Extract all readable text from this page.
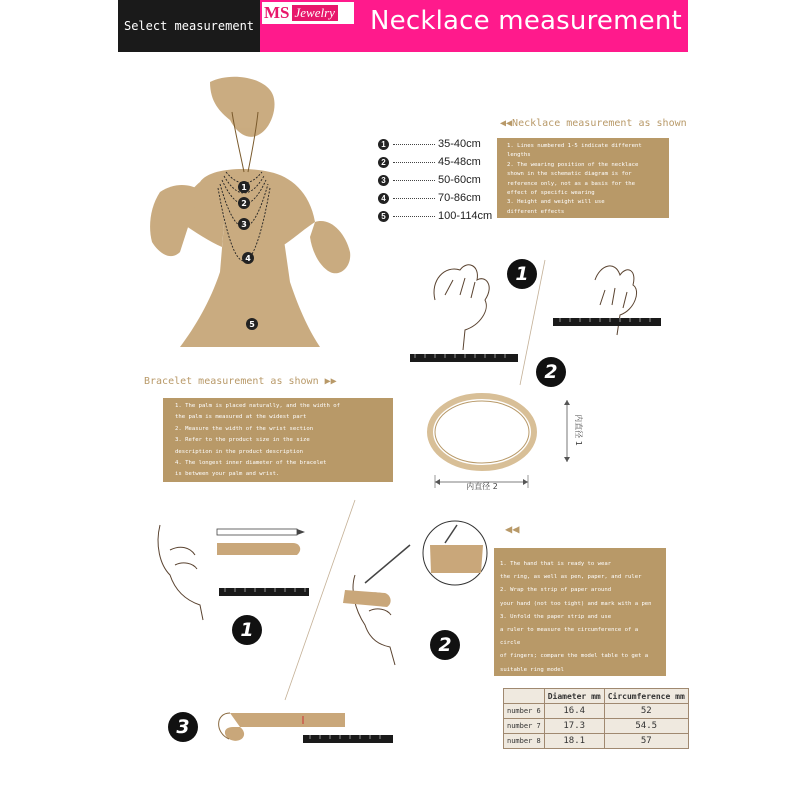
Select measurement
MS Jewelry Necklace measurement
1
2
3
4
5
1	35-40cm
2	45-48cm
3	50-60cm
4	70-86cm
5	100-114cm
◀◀Necklace measurement as shown

1. Lines numbered 1-5 indicate different

lengths

2. The wearing position of the necklace

shown in the schematic diagram is for

reference only, not as a basis for the

effect of specific wearing

3. Height and weight will use

different effects

1
2
Bracelet measurement as shown ▶▶

1. The palm is placed naturally, and the width of

the palm is measured at the widest part

2. Measure the width of the wrist section

3. Refer to the product size in the size

description in the product description

4. The longest inner diameter of the bracelet

is between your palm and wrist.

内直径 2
内直径 1
1
2
3
◀◀

1. The hand that is ready to wear

the ring, as well as pen, paper, and ruler

2. Wrap the strip of paper around

your hand (not too tight) and mark with a pen

3. Unfold the paper strip and use

a ruler to measure the circumference of a circle

of fingers; compare the model table to get a

suitable ring model

	Diameter mm	Circumference mm
number 6	16.4	52
number 7	17.3	54.5
number 8	18.1	57
